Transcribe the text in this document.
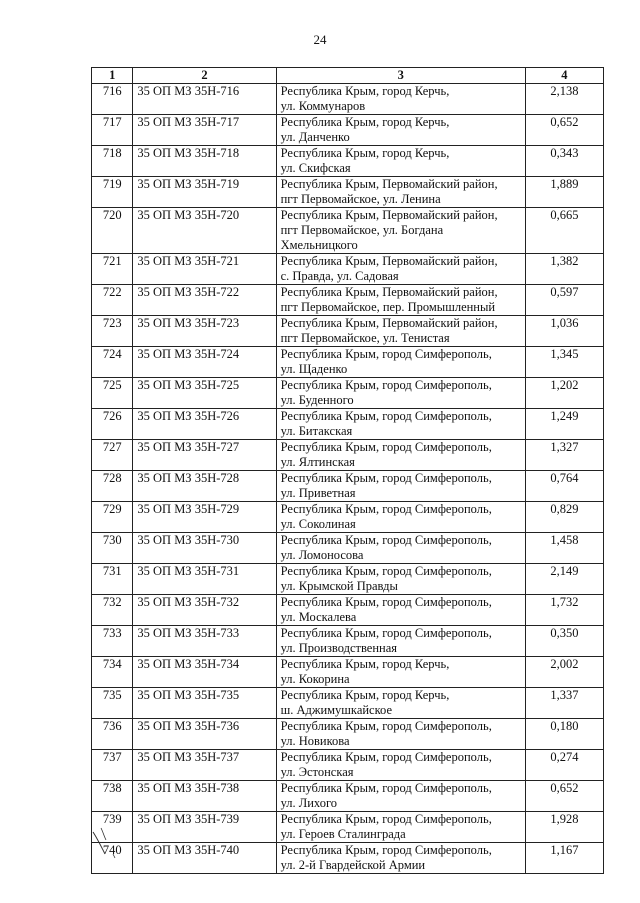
24
1	2	3	4
716	35 ОП МЗ 35Н-716	Республика Крым, город Керчь,
ул. Коммунаров	2,138
717	35 ОП МЗ 35Н-717	Республика Крым, город Керчь,
ул. Данченко	0,652
718	35 ОП МЗ 35Н-718	Республика Крым, город Керчь,
ул. Скифская	0,343
719	35 ОП МЗ 35Н-719	Республика Крым, Первомайский район,
пгт Первомайское, ул. Ленина	1,889
720	35 ОП МЗ 35Н-720	Республика Крым, Первомайский район,
пгт Первомайское, ул. Богдана
Хмельницкого	0,665
721	35 ОП МЗ 35Н-721	Республика Крым, Первомайский район,
с. Правда, ул. Садовая	1,382
722	35 ОП МЗ 35Н-722	Республика Крым, Первомайский район,
пгт Первомайское, пер. Промышленный	0,597
723	35 ОП МЗ 35Н-723	Республика Крым, Первомайский район,
пгт Первомайское, ул. Тенистая	1,036
724	35 ОП МЗ 35Н-724	Республика Крым, город Симферополь,
ул. Щаденко	1,345
725	35 ОП МЗ 35Н-725	Республика Крым, город Симферополь,
ул. Буденного	1,202
726	35 ОП МЗ 35Н-726	Республика Крым, город Симферополь,
ул. Битакская	1,249
727	35 ОП МЗ 35Н-727	Республика Крым, город Симферополь,
ул. Ялтинская	1,327
728	35 ОП МЗ 35Н-728	Республика Крым, город Симферополь,
ул. Приветная	0,764
729	35 ОП МЗ 35Н-729	Республика Крым, город Симферополь,
ул. Соколиная	0,829
730	35 ОП МЗ 35Н-730	Республика Крым, город Симферополь,
ул. Ломоносова	1,458
731	35 ОП МЗ 35Н-731	Республика Крым, город Симферополь,
ул. Крымской Правды	2,149
732	35 ОП МЗ 35Н-732	Республика Крым, город Симферополь,
ул. Москалева	1,732
733	35 ОП МЗ 35Н-733	Республика Крым, город Симферополь,
ул. Производственная	0,350
734	35 ОП МЗ 35Н-734	Республика Крым, город Керчь,
ул. Кокорина	2,002
735	35 ОП МЗ 35Н-735	Республика Крым, город Керчь,
ш. Аджимушкайское	1,337
736	35 ОП МЗ 35Н-736	Республика Крым, город Симферополь,
ул. Новикова	0,180
737	35 ОП МЗ 35Н-737	Республика Крым, город Симферополь,
ул. Эстонская	0,274
738	35 ОП МЗ 35Н-738	Республика Крым, город Симферополь,
ул. Лихого	0,652
739	35 ОП МЗ 35Н-739	Республика Крым, город Симферополь,
ул. Героев Сталинграда	1,928
740	35 ОП МЗ 35Н-740	Республика Крым, город Симферополь,
ул. 2-й Гвардейской Армии	1,167
